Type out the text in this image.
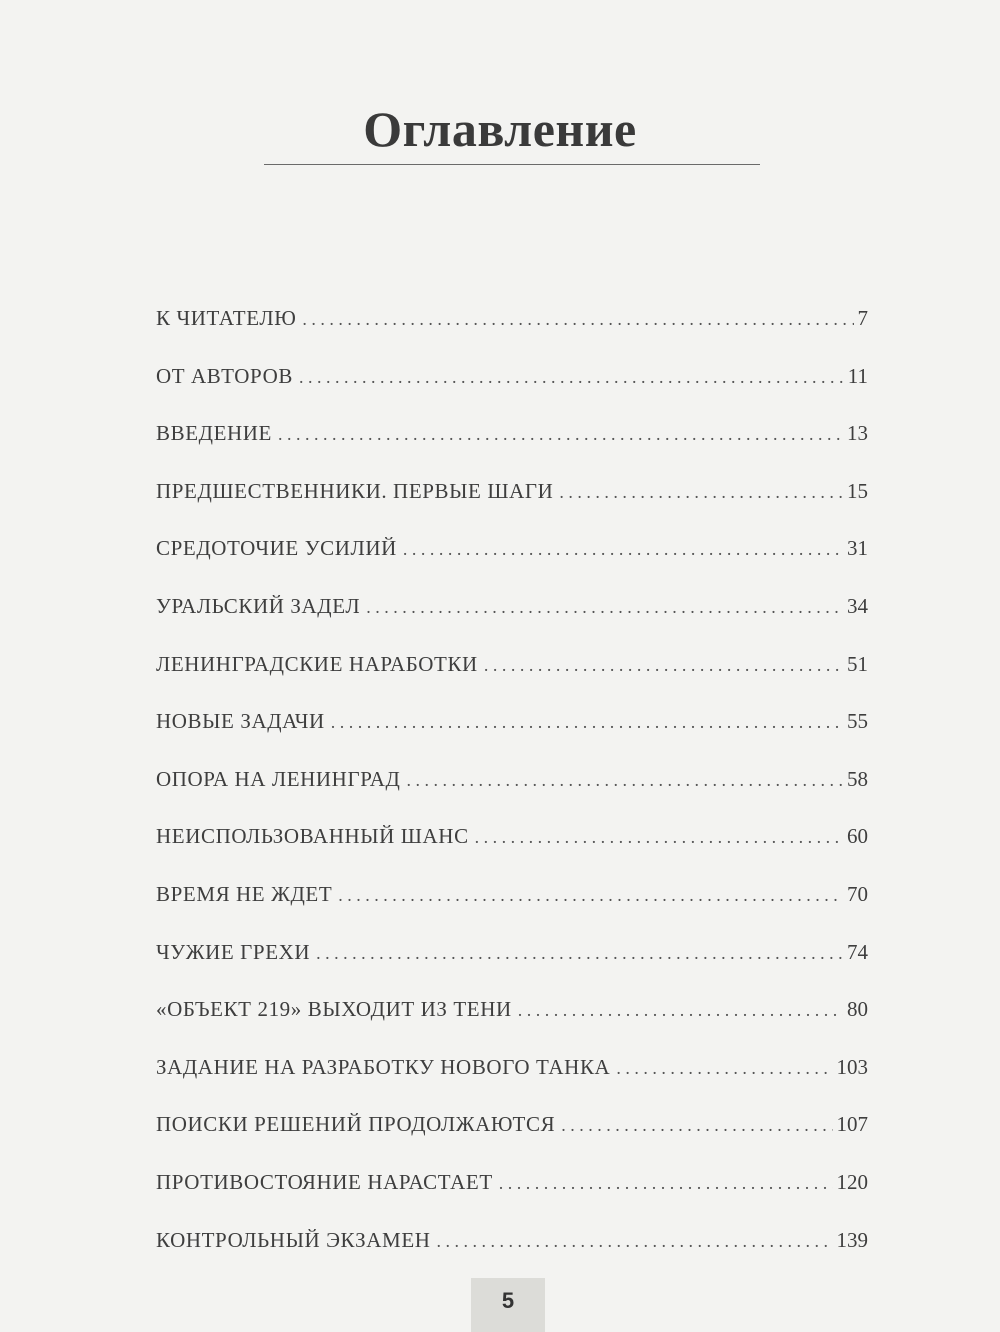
Оглавление
К ЧИТАТЕЛЮ . . .	7
ОТ АВТОРОВ . . .	11
ВВЕДЕНИЕ . . .	13
ПРЕДШЕСТВЕННИКИ. ПЕРВЫЕ ШАГИ . . .	15
СРЕДОТОЧИЕ УСИЛИЙ . . .	31
УРАЛЬСКИЙ ЗАДЕЛ . . .	34
ЛЕНИНГРАДСКИЕ НАРАБОТКИ . . .	51
НОВЫЕ ЗАДАЧИ . . .	55
ОПОРА НА ЛЕНИНГРАД . . .	58
НЕИСПОЛЬЗОВАННЫЙ ШАНС . . .	60
ВРЕМЯ НЕ ЖДЕТ . . .	70
ЧУЖИЕ ГРЕХИ . . .	74
«ОБЪЕКТ 219» ВЫХОДИТ ИЗ ТЕНИ . . .	80
ЗАДАНИЕ НА РАЗРАБОТКУ НОВОГО ТАНКА . . .	103
ПОИСКИ РЕШЕНИЙ ПРОДОЛЖАЮТСЯ . . .	107
ПРОТИВОСТОЯНИЕ НАРАСТАЕТ . . .	120
КОНТРОЛЬНЫЙ ЭКЗАМЕН . . .	139
5
